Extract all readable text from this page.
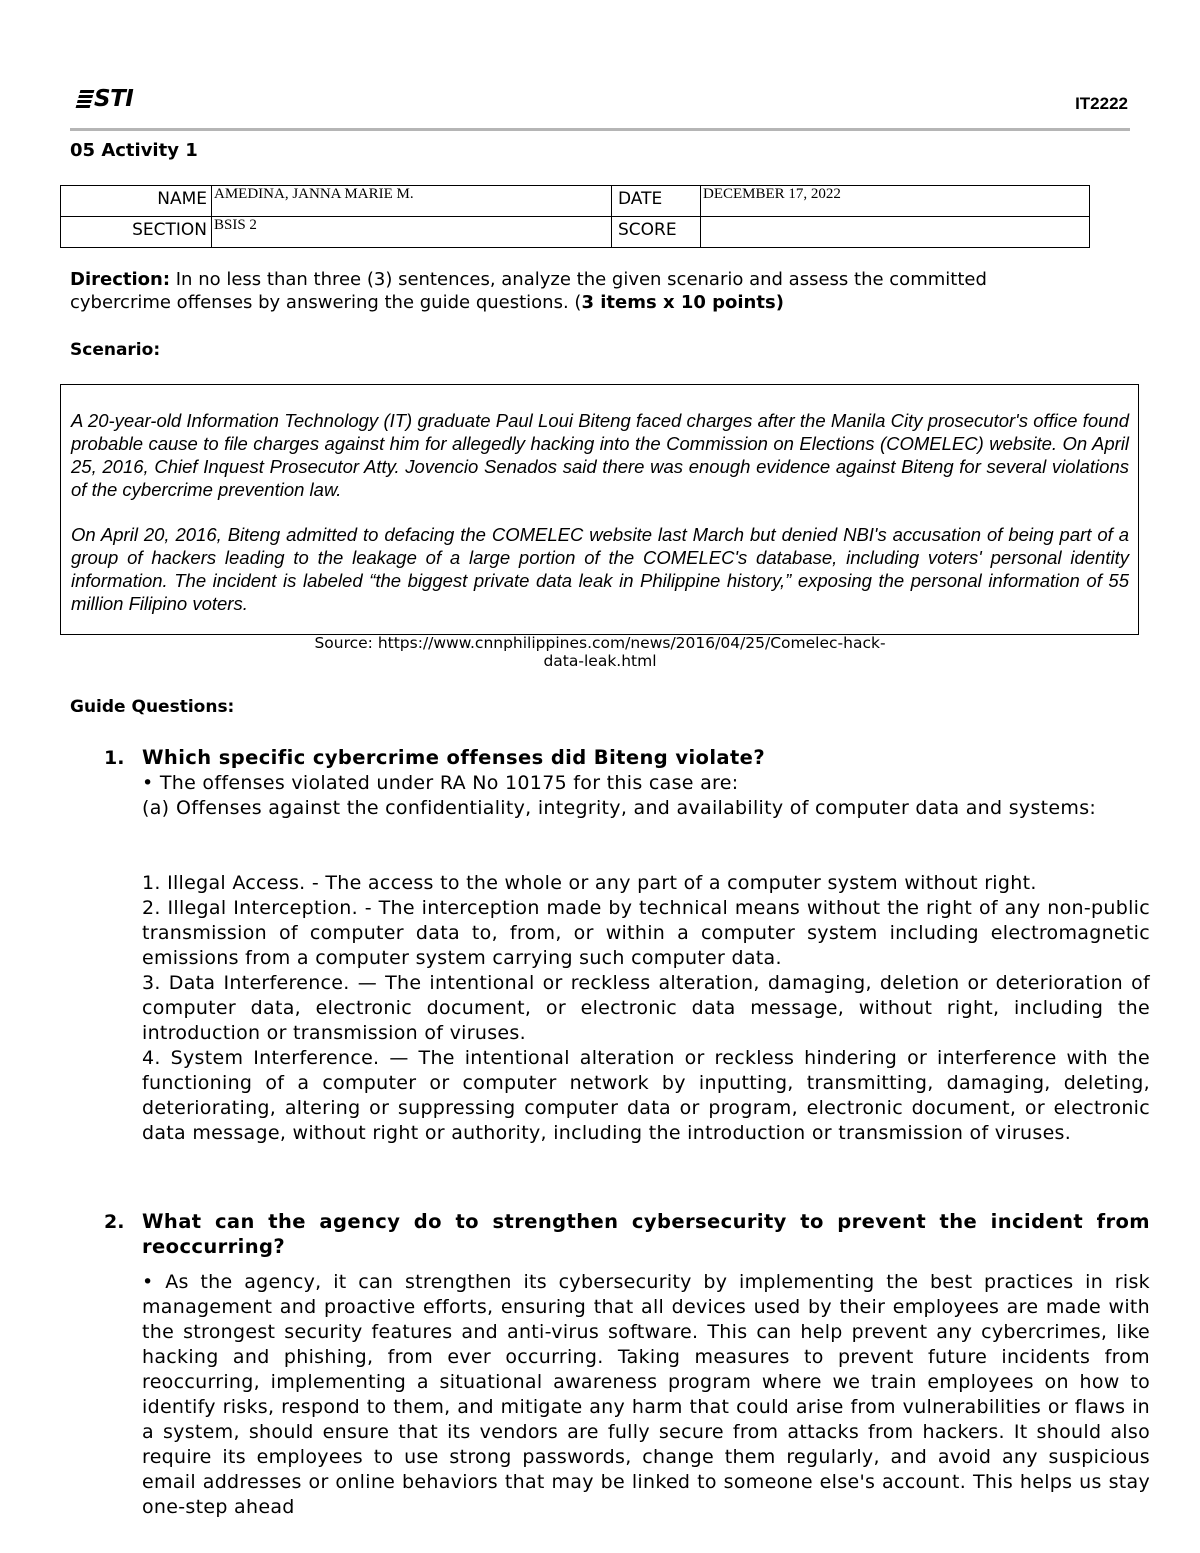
STI	IT2222
05 Activity 1
NAME	AMEDINA, JANNA MARIE M.	DATE	DECEMBER 17, 2022
SECTION	BSIS 2	SCORE	
Direction: In no less than three (3) sentences, analyze the given scenario and assess the committed
cybercrime offenses by answering the guide questions. (3 items x 10 points)
Scenario:
A 20-year-old Information Technology (IT) graduate Paul Loui Biteng faced charges after the Manila City prosecutor's office found probable cause to file charges against him for allegedly hacking into the Commission on Elections (COMELEC) website. On April 25, 2016, Chief Inquest Prosecutor Atty. Jovencio Senados said there was enough evidence against Biteng for several violations of the cybercrime prevention law.
On April 20, 2016, Biteng admitted to defacing the COMELEC website last March but denied NBI's accusation of being part of a group of hackers leading to the leakage of a large portion of the COMELEC's database, including voters' personal identity information. The incident is labeled “the biggest private data leak in Philippine history,” exposing the personal information of 55 million Filipino voters.
Source: https://www.cnnphilippines.com/news/2016/04/25/Comelec-hack-
data-leak.html
Guide Questions:
1. Which specific cybercrime offenses did Biteng violate?
• The offenses violated under RA No 10175 for this case are:
(a) Offenses against the confidentiality, integrity, and availability of computer data and systems:
1. Illegal Access. - The access to the whole or any part of a computer system without right.
2. Illegal Interception. - The interception made by technical means without the right of any non-public transmission of computer data to, from, or within a computer system including electromagnetic emissions from a computer system carrying such computer data.
3. Data Interference. — The intentional or reckless alteration, damaging, deletion or deterioration of computer data, electronic document, or electronic data message, without right, including the introduction or transmission of viruses.
4. System Interference. — The intentional alteration or reckless hindering or interference with the functioning of a computer or computer network by inputting, transmitting, damaging, deleting, deteriorating, altering or suppressing computer data or program, electronic document, or electronic data message, without right or authority, including the introduction or transmission of viruses.
2. What can the agency do to strengthen cybersecurity to prevent the incident from reoccurring?
• As the agency, it can strengthen its cybersecurity by implementing the best practices in risk management and proactive efforts, ensuring that all devices used by their employees are made with the strongest security features and anti-virus software. This can help prevent any cybercrimes, like hacking and phishing, from ever occurring. Taking measures to prevent future incidents from reoccurring, implementing a situational awareness program where we train employees on how to identify risks, respond to them, and mitigate any harm that could arise from vulnerabilities or flaws in a system, should ensure that its vendors are fully secure from attacks from hackers. It should also require its employees to use strong passwords, change them regularly, and avoid any suspicious email addresses or online behaviors that may be linked to someone else's account. This helps us stay one-step ahead
